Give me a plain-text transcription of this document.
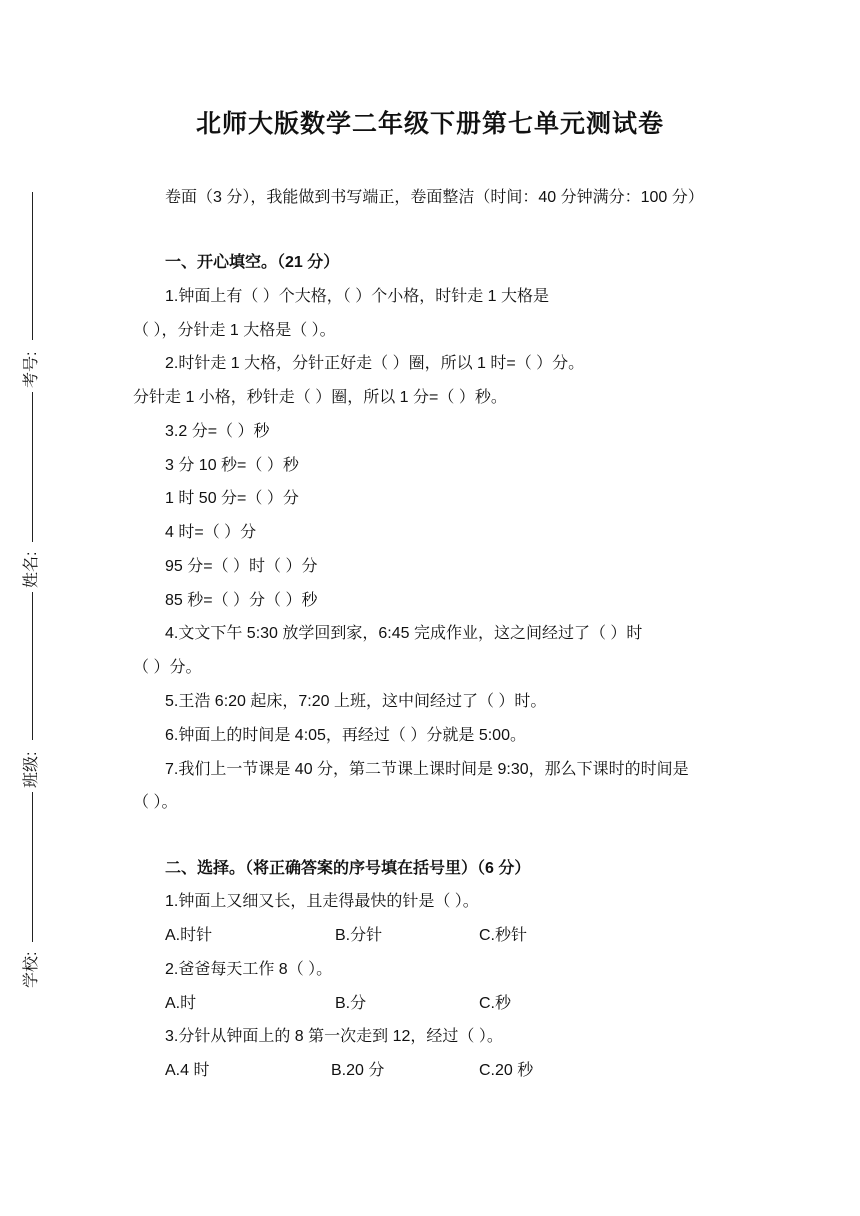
考号:
姓名:
班级:
学校:
北师大版数学二年级下册第七单元测试卷
卷面（3 分），我能做到书写端正，卷面整洁（时间：40 分钟满分：100 分）
一、开心填空。（21 分）
1.钟面上有（ ）个大格，（ ）个小格，时针走 1 大格是
（ ），分针走 1 大格是（ ）。
2.时针走 1 大格，分针正好走（ ）圈，所以 1 时=（ ）分。
分针走 1 小格，秒针走（ ）圈，所以 1 分=（ ）秒。
3.2 分=（ ）秒
3 分 10 秒=（ ）秒
1 时 50 分=（ ）分
4 时=（ ）分
95 分=（ ）时（ ）分
85 秒=（ ）分（ ）秒
4.文文下午 5:30 放学回到家，6:45 完成作业，这之间经过了（ ）时
（ ）分。
5.王浩 6:20 起床，7:20 上班，这中间经过了（ ）时。
6.钟面上的时间是 4:05，再经过（ ）分就是 5:00。
7.我们上一节课是 40 分，第二节课上课时间是 9:30，那么下课时的时间是
（ ）。
二、选择。（将正确答案的序号填在括号里）（6 分）
1.钟面上又细又长，且走得最快的针是（ ）。
A.时针	B.分针	C.秒针
2.爸爸每天工作 8（ ）。
A.时	B.分	C.秒
3.分针从钟面上的 8 第一次走到 12，经过（ ）。
A.4 时	B.20 分	C.20 秒
